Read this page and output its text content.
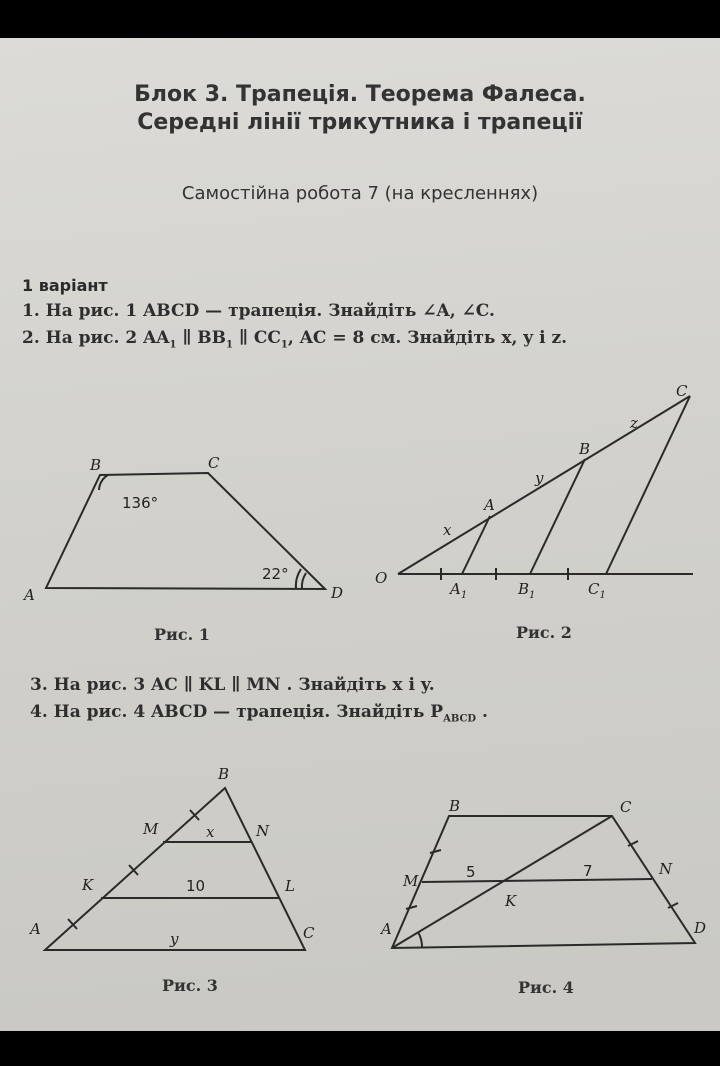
Блок 3. Трапеція. Теорема Фалеса.
Середні лінії трикутника і трапеції
Самостійна робота 7 (на кресленнях)
1 варіант
1. На рис. 1 ABCD — трапеція. Знайдіть ∠A, ∠C.
2. На рис. 2 $AA_1$ ∥ $BB_1$ ∥ $CC_1$, AC = 8 см. Знайдіть x, y і z.
3. На рис. 3 AC ∥ KL ∥ MN . Знайдіть x і y.
4. На рис. 4 ABCD — трапеція. Знайдіть $P_{ABCD}$ .
A
B	C
D
136°
22°
Рис. 1
O
A
B
C
$A_1$	$B_1$	$C_1$
x
y
z
Рис. 2
B
M	N
K	L
A	C
x
10
y
Рис. 3
B	C
M
N
K
A	D
5	7
Рис. 4
